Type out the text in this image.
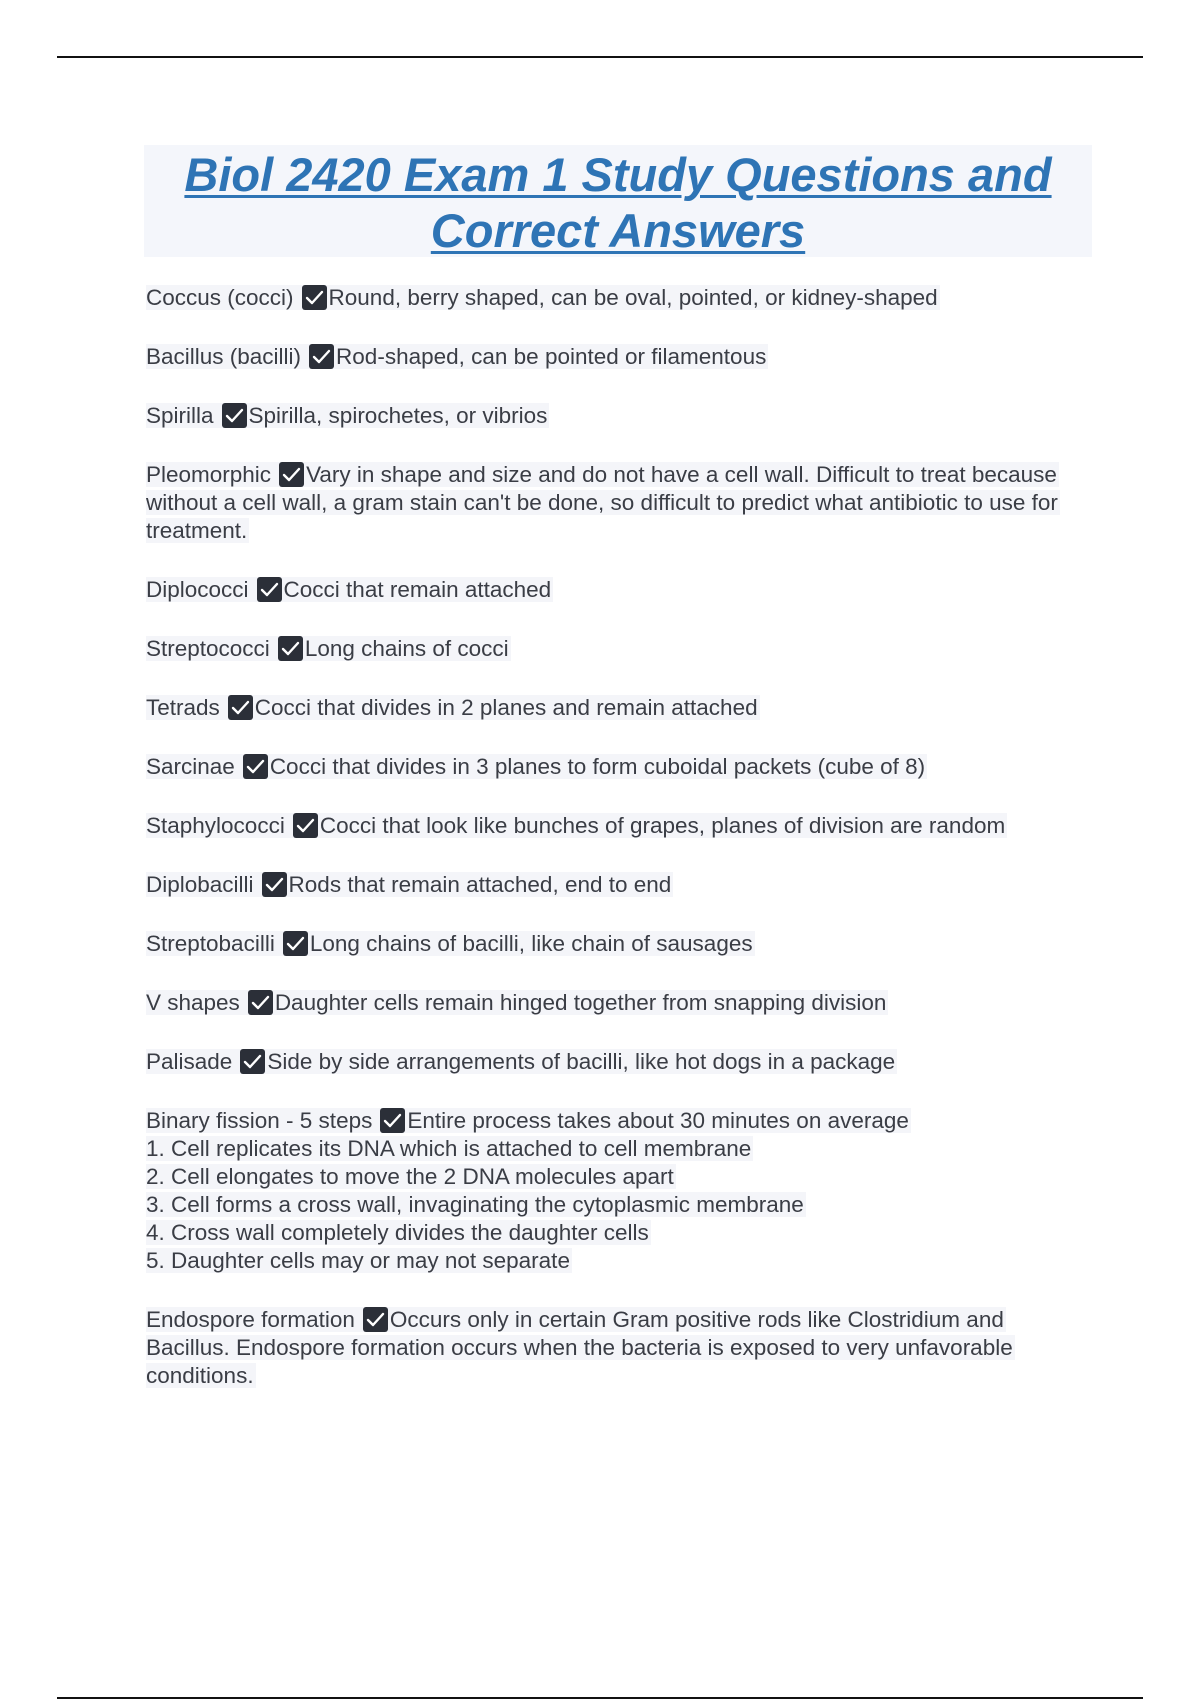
Biol 2420 Exam 1 Study Questions and
Correct Answers
Coccus (cocci) Round, berry shaped, can be oval, pointed, or kidney-shaped
Bacillus (bacilli) Rod-shaped, can be pointed or filamentous
Spirilla Spirilla, spirochetes, or vibrios
Pleomorphic Vary in shape and size and do not have a cell wall. Difficult to treat because without a cell wall, a gram stain can't be done, so difficult to predict what antibiotic to use for treatment.
Diplococci Cocci that remain attached
Streptococci Long chains of cocci
Tetrads Cocci that divides in 2 planes and remain attached
Sarcinae Cocci that divides in 3 planes to form cuboidal packets (cube of 8)
Staphylococci Cocci that look like bunches of grapes, planes of division are random
Diplobacilli Rods that remain attached, end to end
Streptobacilli Long chains of bacilli, like chain of sausages
V shapes Daughter cells remain hinged together from snapping division
Palisade Side by side arrangements of bacilli, like hot dogs in a package
Binary fission - 5 steps Entire process takes about 30 minutes on average
1. Cell replicates its DNA which is attached to cell membrane
2. Cell elongates to move the 2 DNA molecules apart
3. Cell forms a cross wall, invaginating the cytoplasmic membrane
4. Cross wall completely divides the daughter cells
5. Daughter cells may or may not separate
Endospore formation Occurs only in certain Gram positive rods like Clostridium and Bacillus. Endospore formation occurs when the bacteria is exposed to very unfavorable conditions.
